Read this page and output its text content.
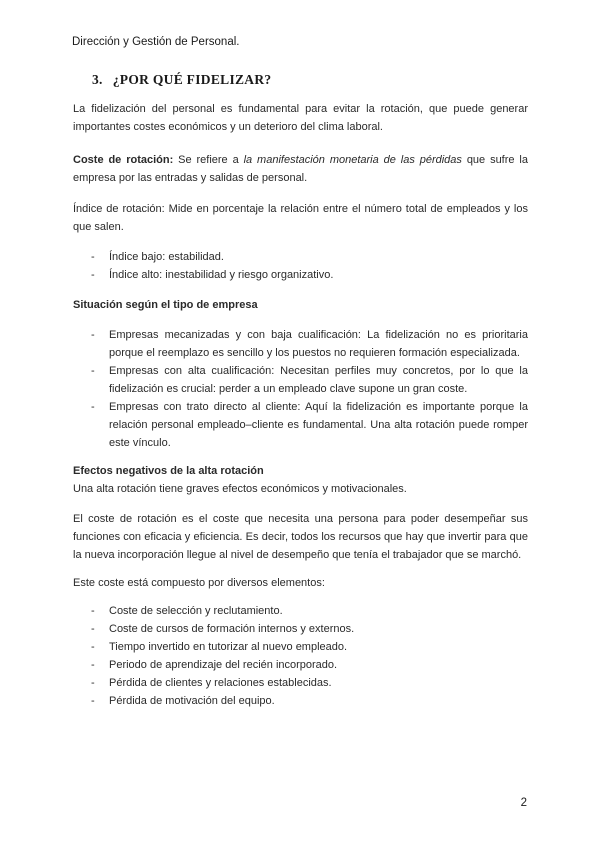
Dirección y Gestión de Personal.
3. ¿POR QUÉ FIDELIZAR?

La fidelización del personal es fundamental para evitar la rotación, que puede generar importantes costes económicos y un deterioro del clima laboral.

Coste de rotación: Se refiere a la manifestación monetaria de las pérdidas que sufre la empresa por las entradas y salidas de personal.

Índice de rotación: Mide en porcentaje la relación entre el número total de empleados y los que salen.

- Índice bajo: estabilidad.
- Índice alto: inestabilidad y riesgo organizativo.

Situación según el tipo de empresa

- Empresas mecanizadas y con baja cualificación: La fidelización no es prioritaria porque el reemplazo es sencillo y los puestos no requieren formación especializada.
- Empresas con alta cualificación: Necesitan perfiles muy concretos, por lo que la fidelización es crucial: perder a un empleado clave supone un gran coste.
- Empresas con trato directo al cliente: Aquí la fidelización es importante porque la relación personal empleado–cliente es fundamental. Una alta rotación puede romper este vínculo.

Efectos negativos de la alta rotación

Una alta rotación tiene graves efectos económicos y motivacionales.

El coste de rotación es el coste que necesita una persona para poder desempeñar sus funciones con eficacia y eficiencia. Es decir, todos los recursos que hay que invertir para que la nueva incorporación llegue al nivel de desempeño que tenía el trabajador que se marchó.

Este coste está compuesto por diversos elementos:

- Coste de selección y reclutamiento.
- Coste de cursos de formación internos y externos.
- Tiempo invertido en tutorizar al nuevo empleado.
- Periodo de aprendizaje del recién incorporado.
- Pérdida de clientes y relaciones establecidas.
- Pérdida de motivación del equipo.
2
